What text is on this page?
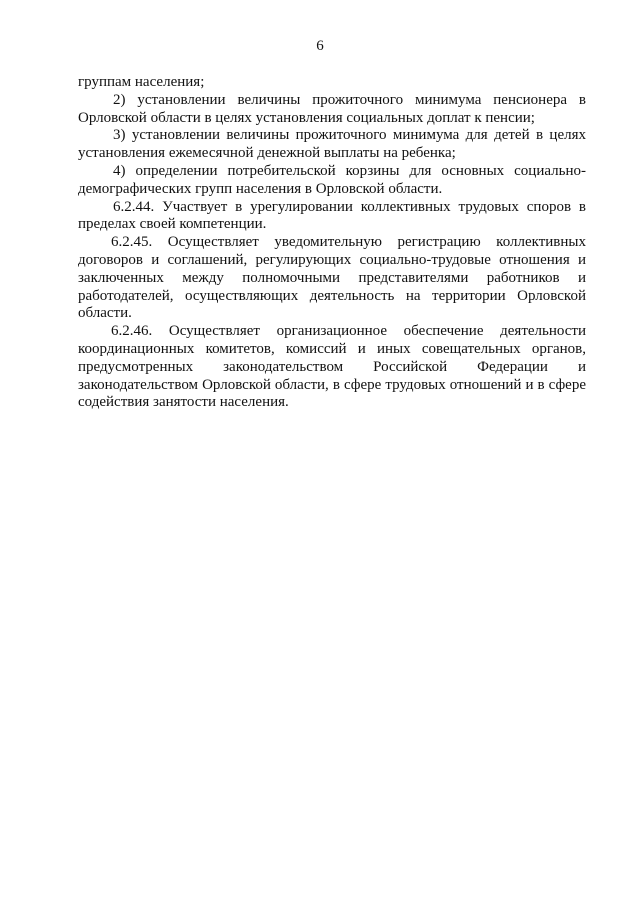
6

группам населения;

2) установлении величины прожиточного минимума пенсионера в Орловской области в целях установления социальных доплат к пенсии;

3) установлении величины прожиточного минимума для детей в целях установления ежемесячной денежной выплаты на ребенка;

4) определении потребительской корзины для основных социально-демографических групп населения в Орловской области.

6.2.44. Участвует в урегулировании коллективных трудовых споров в пределах своей компетенции.

6.2.45. Осуществляет уведомительную регистрацию коллективных договоров и соглашений, регулирующих социально-трудовые отношения и заключенных между полномочными представителями работников и работодателей, осуществляющих деятельность на территории Орловской области.

6.2.46. Осуществляет организационное обеспечение деятельности координационных комитетов, комиссий и иных совещательных органов, предусмотренных законодательством Российской Федерации и законодательством Орловской области, в сфере трудовых отношений и в сфере содействия занятости населения.
